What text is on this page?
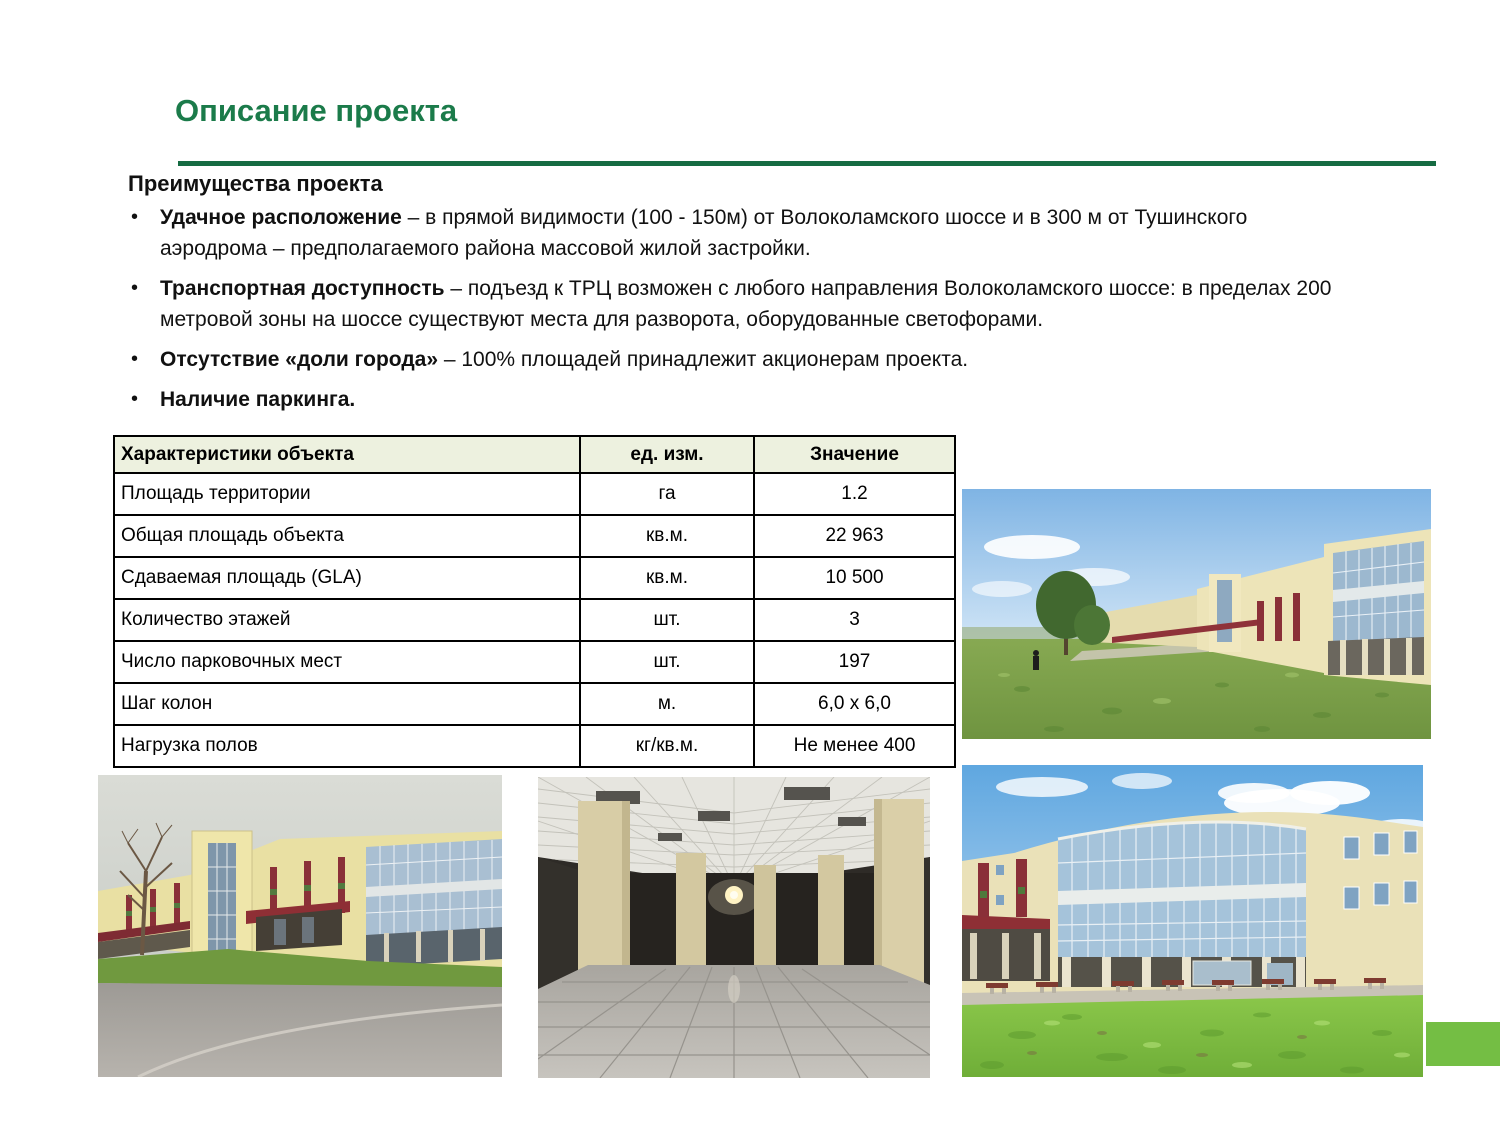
Описание проекта
Преимущества проекта
• Удачное расположение – в прямой видимости (100 - 150м) от Волоколамского шоссе и в 300 м от Тушинского аэродрома – предполагаемого района массовой жилой застройки.
• Транспортная доступность – подъезд к ТРЦ возможен с любого направления Волоколамского шоссе: в пределах 200 метровой зоны на шоссе существуют места для разворота, оборудованные светофорами.
• Отсутствие «доли города» – 100% площадей принадлежит акционерам проекта.
• Наличие паркинга.
Характеристики объекта	ед. изм.	Значение
Площадь территории	га	1.2
Общая площадь объекта	кв.м.	22 963
Сдаваемая площадь (GLA)	кв.м.	10 500
Количество этажей	шт.	3
Число парковочных мест	шт.	197
Шаг колон	м.	6,0 х 6,0
Нагрузка полов	кг/кв.м.	Не менее 400
